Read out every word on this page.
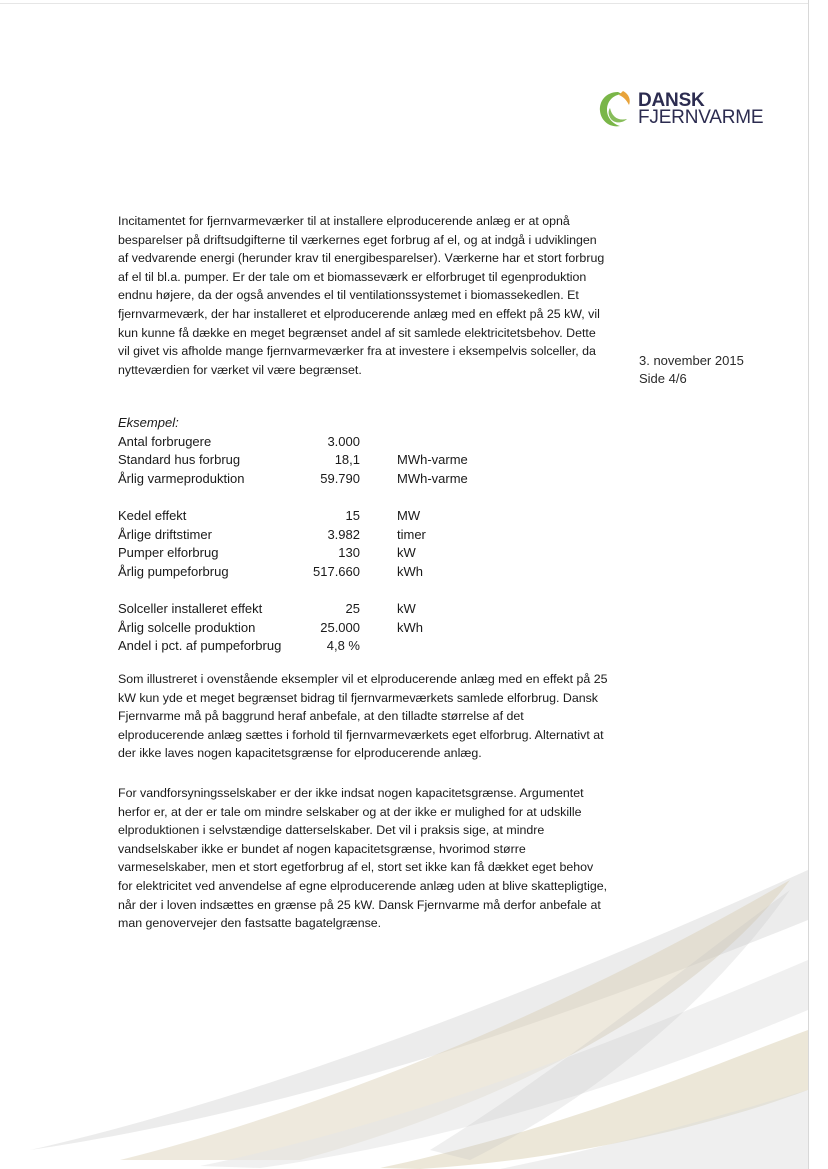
DANSK
FJERNVARME
3. november 2015
Side 4/6
Incitamentet for fjernvarmeværker til at installere elproducerende anlæg er at opnå besparelser på driftsudgifterne til værkernes eget forbrug af el, og at indgå i udviklingen af vedvarende energi (herunder krav til energibesparelser). Værkerne har et stort forbrug af el til bl.a. pumper. Er der tale om et biomasseværk er elforbruget til egenproduktion endnu højere, da der også anvendes el til ventilationssystemet i biomassekedlen. Et fjernvarmeværk, der har installeret et elproducerende anlæg med en effekt på 25 kW, vil kun kunne få dække en meget begrænset andel af sit samlede elektricitetsbehov. Dette vil givet vis afholde mange fjernvarmeværker fra at investere i eksempelvis solceller, da nytteværdien for værket vil være begrænset.
Eksempel:
Antal forbrugere	3.000
Standard hus forbrug	18,1	MWh-varme
Årlig varmeproduktion	59.790	MWh-varme
Kedel effekt	15	MW
Årlige driftstimer	3.982	timer
Pumper elforbrug	130	kW
Årlig pumpeforbrug	517.660	kWh
Solceller installeret effekt	25	kW
Årlig solcelle produktion	25.000	kWh
Andel i pct. af pumpeforbrug	4,8 %
Som illustreret i ovenstående eksempler vil et elproducerende anlæg med en effekt på 25 kW kun yde et meget begrænset bidrag til fjernvarmeværkets samlede elforbrug. Dansk Fjernvarme må på baggrund heraf anbefale, at den tilladte størrelse af det elproducerende anlæg sættes i forhold til fjernvarmeværkets eget elforbrug. Alternativt at der ikke laves nogen kapacitetsgrænse for elproducerende anlæg.
For vandforsyningsselskaber er der ikke indsat nogen kapacitetsgrænse. Argumentet herfor er, at der er tale om mindre selskaber og at der ikke er mulighed for at udskille elproduktionen i selvstændige datterselskaber. Det vil i praksis sige, at mindre vandselskaber ikke er bundet af nogen kapacitetsgrænse, hvorimod større varmeselskaber, men et stort egetforbrug af el, stort set ikke kan få dækket eget behov for elektricitet ved anvendelse af egne elproducerende anlæg uden at blive skattepligtige, når der i loven indsættes en grænse på 25 kW. Dansk Fjernvarme må derfor anbefale at man genovervejer den fastsatte bagatelgrænse.
